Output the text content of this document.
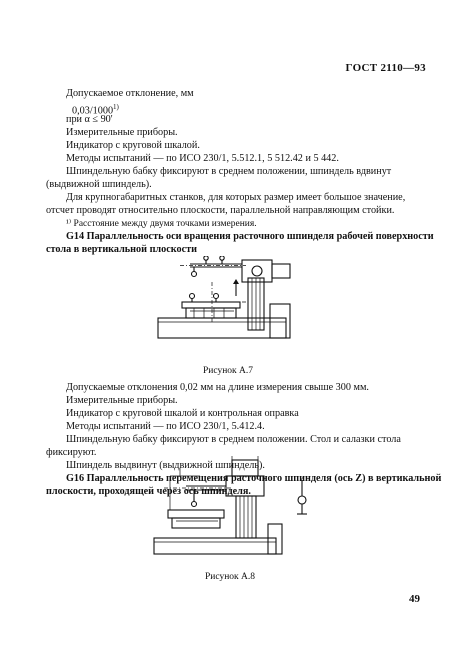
ГОСТ 2110—93
Допускаемое отклонение, мм
0,03/1000$^{1)}$
при α ≤ 90'
Измерительные приборы.
Индикатор с круговой шкалой.
Методы испытаний — по ИСО 230/1, 5.512.1, 5 512.42 и 5 442.
Шпиндельную бабку фиксируют в среднем положении, шпиндель вдвинут
(выдвижной шпиндель).
Для крупногабаритных станков, для которых размер имеет большое значение,
отсчет проводят относительно плоскости, параллельной направляющим стойки.
¹⁾ Расстояние между двумя точками измерения.
G14 Параллельность оси вращения расточного шпинделя рабочей поверхности
стола в вертикальной плоскости
Рисунок А.7
Допускаемые отклонения 0,02 мм на длине измерения свыше 300 мм.
Измерительные приборы.
Индикатор с круговой шкалой и контрольная оправка
Методы испытаний — по ИСО 230/1, 5.412.4.
Шпиндельную бабку фиксируют в среднем положении. Стол и салазки стола
фиксируют.
Шпиндель выдвинут (выдвижной шпиндель).
G16 Параллельность перемещения расточного шпинделя (ось Z) в вертикальной
плоскости, проходящей через ось шпинделя.
Рисунок А.8
49
